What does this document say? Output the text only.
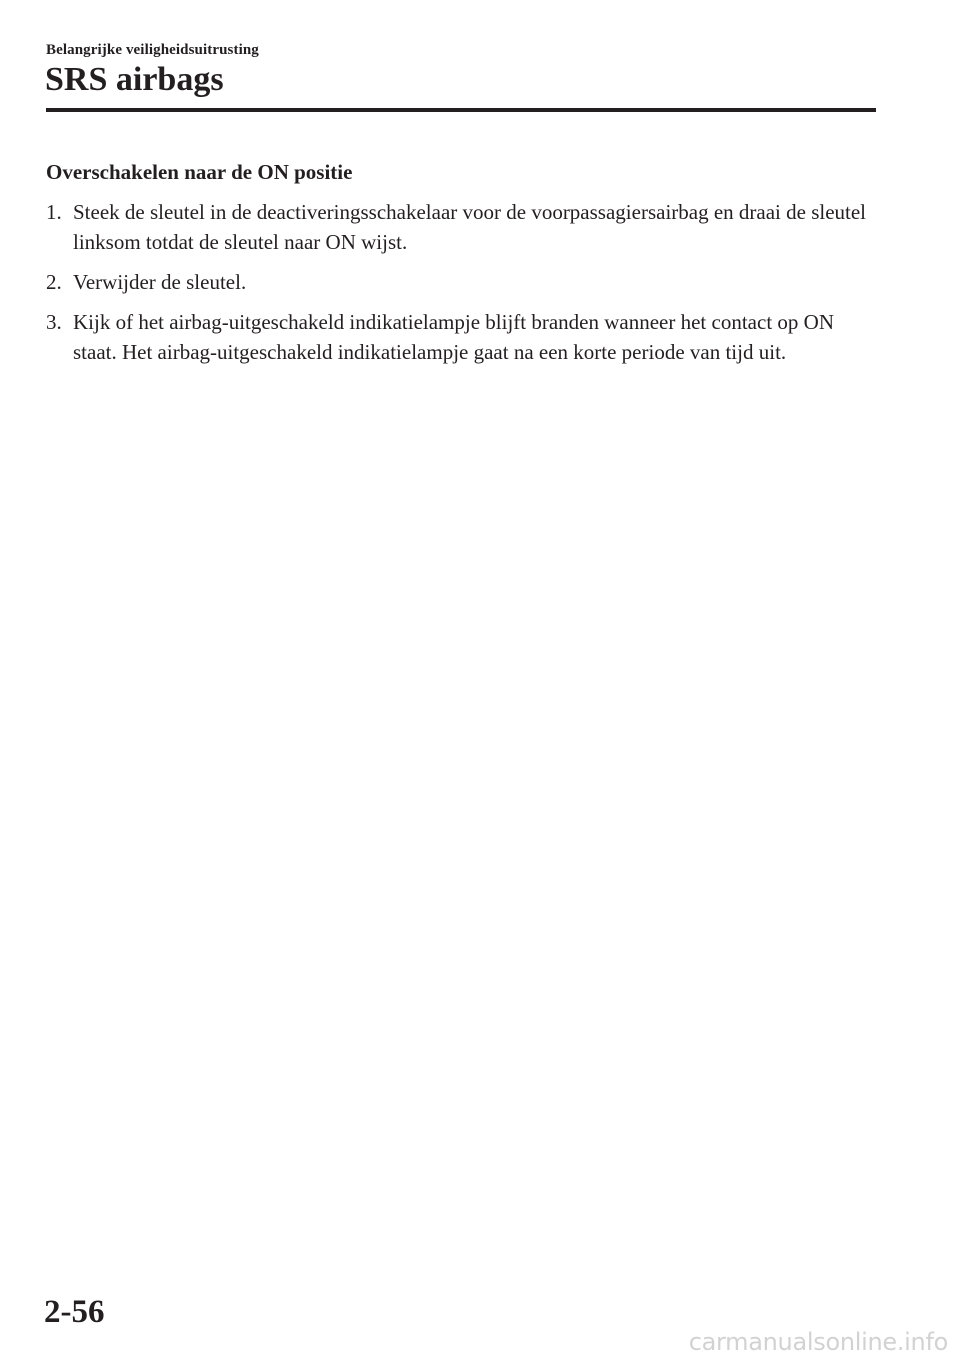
Belangrijke veiligheidsuitrusting
SRS airbags
Overschakelen naar de ON positie
1. Steek de sleutel in de deactiveringsschakelaar voor de voorpassagiersairbag en draai de sleutel linksom totdat de sleutel naar ON wijst.
2. Verwijder de sleutel.
3. Kijk of het airbag-uitgeschakeld indikatielampje blijft branden wanneer het contact op ON staat. Het airbag-uitgeschakeld indikatielampje gaat na een korte periode van tijd uit.
2-56
carmanualsonline.info
